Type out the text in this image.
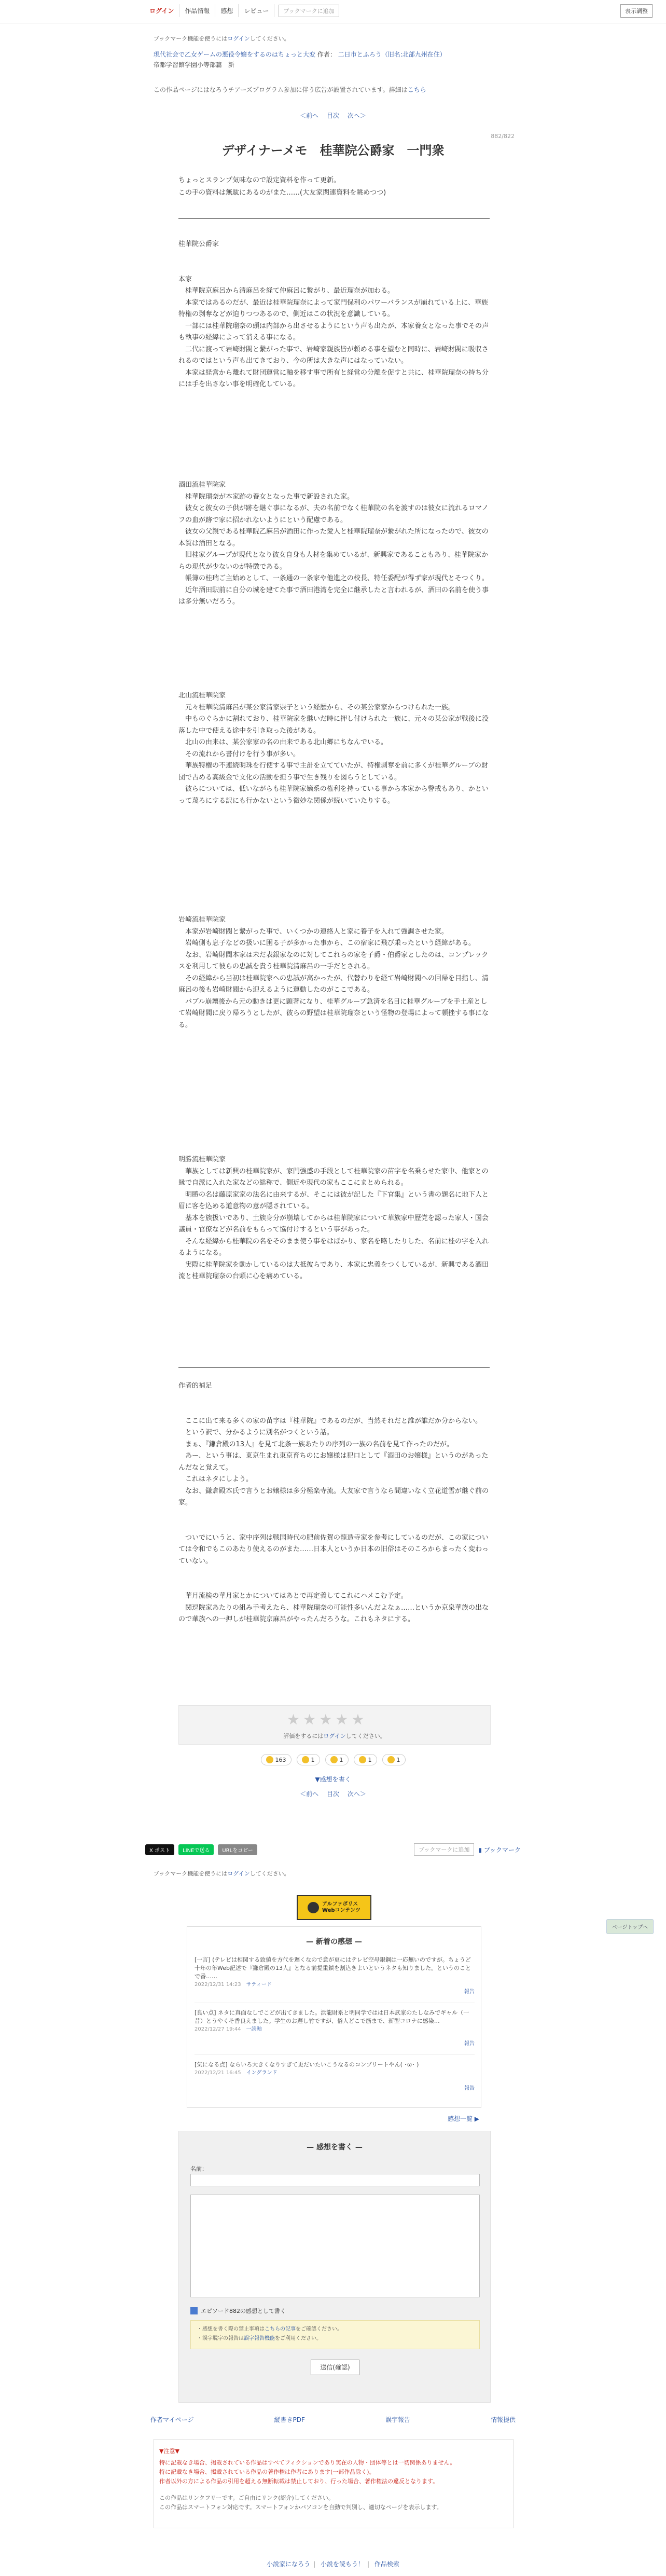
ログイン	作品情報	感想	レビュー	ブックマークに追加	表示調整
ブックマーク機能を使うにはログインしてください。
現代社会で乙女ゲームの悪役令嬢をするのはちょっと大変 作者： 二日市とふろう（旧名:北部九州在住）
帝都学習館学園小等部篇　新
この作品ページにはなろうチアーズプログラム参加に伴う広告が設置されています。詳細はこちら
＜前へ 目次 次へ＞
882/822
デザイナーメモ　桂華院公爵家　一門衆
ちょっとスランプ気味なので設定資料を作って更新。
この手の資料は無駄にあるのがまた……(大友家関連資料を眺めつつ)
桂華院公爵家

本家
　桂華院京麻呂から清麻呂を経て仲麻呂に繋がり、最近瑠奈が加わる。
　本家ではあるのだが、最近は桂華院瑠奈によって家門保利のパワーバランスが崩れている上に、華族特権の剥奪などが迫りつつあるので、側近はこの状況を意識している。
　一部には桂華院瑠奈の頭は内部から出させるようにという声も出たが、本家養女となった事でその声も執事の経緯によって消える事になる。
　二代に渡って岩崎財閥と繋がった事で、岩崎家親族皆が頼める事を望むと同時に、岩崎財閥に吸収されるのではという声も出てきており、今の所は大きな声にはなっていない。
　本家は経営から離れて財団運営に軸を移す事で所有と経営の分離を促すと共に、桂華院瑠奈の持ち分には手を出さない事を明確化している。
酒田流桂華院家
　桂華院瑠奈が本家跡の養女となった事で新設された家。
　彼女と彼女の子供が跡を継ぐ事になるが、夫の名前でなく桂華院の名を渡すのは彼女に流れるロマノフの血が跡で家に招かれないようにという配慮である。
　彼女の父親である桂華院乙麻呂が酒田に作った愛人と桂華院瑠奈が繋がれた所になったので、彼女の本質は酒田となる。
　旧桂家グループが現代となり彼女自身も人材を集めているが、新興家であることもあり、桂華院家からの現代が少ないのが特徴である。
　帳簿の桂瑞ご主始めとして、一条通の一条家や他進之の校長、特任委配が得ず家が現代とそつくり。
　近年酒田駅前に自分の城を建てた事で酒田港湾を完全に継承したと言われるが、酒田の名前を使う事は多分無いだろう。
北山流桂華院家
　元々桂華院清麻呂が某公家清家崇子という経歴から、その某公家家からつけられた一族。
　中ものぐらかに割れており、桂華院家を継いだ時に押し付けられた一族に、元々の某公家が戦後に没落した中で使える途中を引き取った後がある。
　北山の由来は、某公家家の名の由来である北山郷にちなんでいる。
　その流れから書付けを行う事が多い。
　華族特権の不連続明珠を行使する事で主計を立てていたが、特権剥奪を前に多くが桂華グループの財団で占める高級金で文化の活動を担う事で生き残りを図らうとしている。
　彼らについては、低いながらも桂華院家嫡系の権利を持っている事から本家から警戒もあり、かといって蔑ろにする訳にも行かないという微妙な関係が続いていたりする。
岩崎流桂華院家
　本家が岩崎財閥と繋がった事で、いくつかの連絡人と家に養子を入れて強調させた家。
　岩崎側も息子などの扱いに困る子が多かった事から、この宿家に飛び乗ったという経緯がある。
　なお、岩崎財閥本家は未だ表銀家なのに対してこれらの家を子爵・伯爵家としたのは、コンプレックスを利用して彼らの忠誠を貴う桂華院清麻呂の一手だとされる。
　その経緯から当初は桂華院家への忠誠が高かったが、代替わりを経て岩崎財閥への回帰を目指し、清麻呂の後も岩崎財閥から迎えるように運動したのがここである。
　バブル崩壊後から元の動きは更に顕著になり、桂華グループ急済を名目に桂華グループを手土産として岩崎財閥に戻り帰ろうとしたが、彼らの野望は桂華院瑠奈という怪物の登場によって頓挫する事になる。
明勝流桂華院家
　華族としては新興の桂華院家が、家門強盛の手段として桂華院家の苗字を名乗らせた家中、他家との縁で自派に入れた家などの総称で、側近や現代の家もここにまとめられる。
　明勝の名は藤原家家の法名に由来するが、そこには彼が記した『下官集』という書の題名に地下人と眉に客を込める道意物の意が隠されている。
　基本を族扱いであり、土族身分が崩壊してからは桂華院家について華族家中歴党を認った家人・国会議員・官僚などが名前をもらって協付けするという事があった。
　そんな経緯から桂華院の名をそのまま使う事をはばかり、家名を略したりした、名前に桂の字を入れるようになる。
　実際に桂華院家を動かしているのは大抵彼らであり、本家に忠義をつくしているが、新興である酒田流と桂華院瑠奈の台頭に心を痛めている。
作者的補足

　ここに出て来る多くの家の苗字は『桂華院』であるのだが、当然それだと誰が誰だか分からない。
　という訳で、分かるように別名がつくという話。
　まぁ、『鎌倉殿の13人』を見て北条一族あたりの序列の一族の名前を見て作ったのだが。
　あー、という事は、東京生まれ東京育ちのにお嬢様は犯口として『酒田のお嬢様』というのがあったんだなと覚えて。
　これはネタにしよう。
　なお、鎌倉殿本氏で言うとお嬢様は多分極楽寺流。大友家で言うなら間違いなく立花道雪が継ぐ前の家。

　ついでにいうと、家中序列は戦国時代の肥前佐賀の龍造寺家を参考にしているのだが、この家については令和でもこのあたり使えるのがまた……日本人というか日本の旧俗はそのころからまったく変わっていない。

　華月流検の華月家とかについてはあとで再定義してこれにハメこむ予定。
　関逗院家あたりの組み手考えたら、桂華院瑠奈の可能性多いんだよなぁ……というか京泉華族の出なので華族への一押しが桂華院京麻呂がやったんだろうな。これもネタにする。
★★★★★
評価をするにはログインしてください。
163	1	1	1	1
▼感想を書く
＜前へ 目次 次へ＞
X ポスト	LINEで送る	URLをコピー	ブックマークに追加	▮ ブックマーク
ブックマーク機能を使うにはログインしてください。
アルファポリス
Webコンテンツ
ページトップへ
— 新着の感想 —
[一言] (テレビは相関する致値を方代を遅くなので意が更にはテレビ空母銀鋼は一応無いのですが。ちょうど十年の年Web記述で『鎌倉殿の13人』となる前提重鎮を割込きよいというネタも知りました。というのことで番……
2022/12/31 14:23　 サティード
報告
[良い点] ネタに真面なしでこどが出てきました。浜龍財系と明同学ではは日本武家のたしなみでギャル（一昔）とうやくそ香良えました。学生のお遅し竹ですが、俗人どこで筋まで、新型コロナに感染…
2022/12/27 19:44　 一読軸
報告
[気になる点] ならいろ大きくなりすぎて更だいたいこうなるのコンプリートやん( ･ω･ )
2022/12/21 16:45　 イングランド
報告
感想一覧 ▶
— 感想を書く —
名前：
エピソード882の感想として書く
・感想を書く際の禁止事項はこちらの記事をご確認ください。
・誤字脱字の報告は誤字報告機能をご利用ください。
送信(確認)
作者マイページ	縦書きPDF	誤字報告	情報提供
▼注意▼
特に記載なき場合、掲載されている作品はすべてフィクションであり実在の人物・団体等とは一切関係ありません。
特に記載なき場合、掲載されている作品の著作権は作者にあります(一部作品除く)。
作者以外の方による作品の引用を超える無断転載は禁止しており、行った場合、著作権法の違反となります。
この作品はリンクフリーです。ご自由にリンク(紹介)してください。
この作品はスマートフォン対応です。スマートフォンかパソコンを自動で判別し、適切なページを表示します。
小説家になろう | 小説を読もう！ | 作品検索
